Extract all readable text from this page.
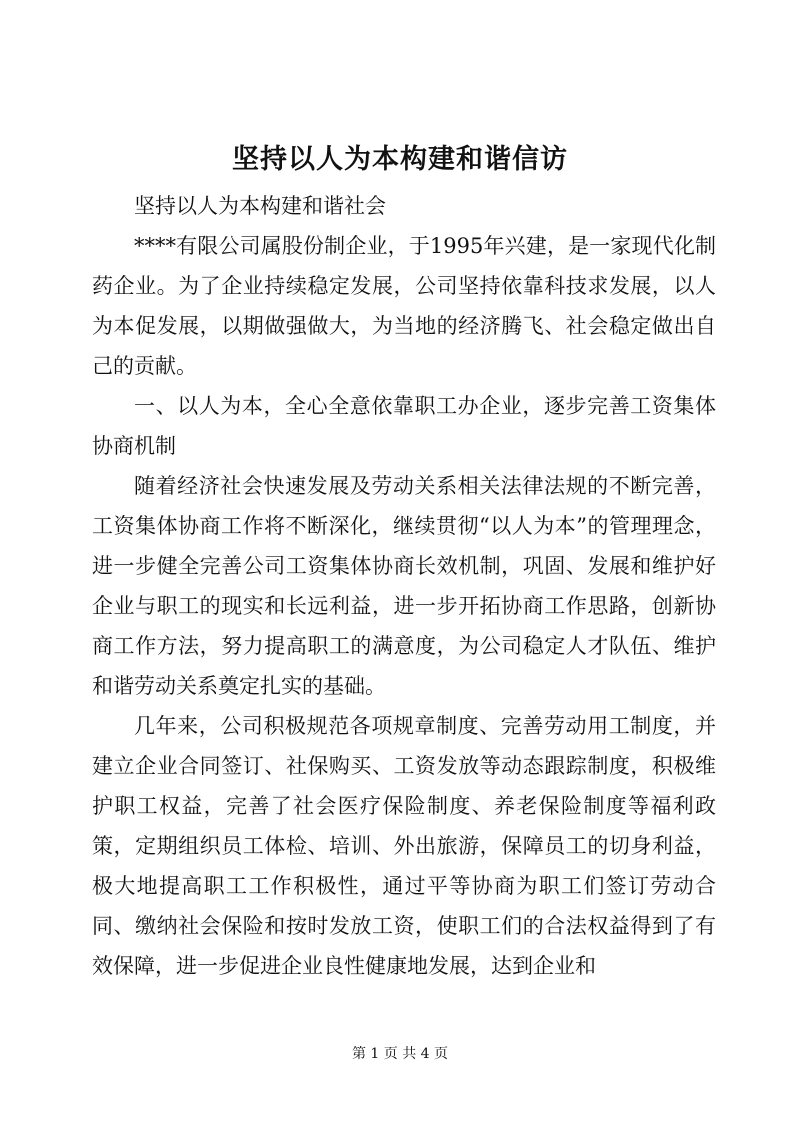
坚持以人为本构建和谐信访

坚持以人为本构建和谐社会

****有限公司属股份制企业，于1995年兴建，是一家现代化制药企业。为了企业持续稳定发展，公司坚持依靠科技求发展，以人为本促发展，以期做强做大，为当地的经济腾飞、社会稳定做出自己的贡献。

一、以人为本，全心全意依靠职工办企业，逐步完善工资集体协商机制

随着经济社会快速发展及劳动关系相关法律法规的不断完善，工资集体协商工作将不断深化，继续贯彻“以人为本”的管理理念，进一步健全完善公司工资集体协商长效机制，巩固、发展和维护好企业与职工的现实和长远利益，进一步开拓协商工作思路，创新协商工作方法，努力提高职工的满意度，为公司稳定人才队伍、维护和谐劳动关系奠定扎实的基础。

几年来，公司积极规范各项规章制度、完善劳动用工制度，并建立企业合同签订、社保购买、工资发放等动态跟踪制度，积极维护职工权益，完善了社会医疗保险制度、养老保险制度等福利政策，定期组织员工体检、培训、外出旅游，保障员工的切身利益，极大地提高职工工作积极性，通过平等协商为职工们签订劳动合同、缴纳社会保险和按时发放工资，使职工们的合法权益得到了有效保障，进一步促进企业良性健康地发展，达到企业和

第 1 页 共 4 页
